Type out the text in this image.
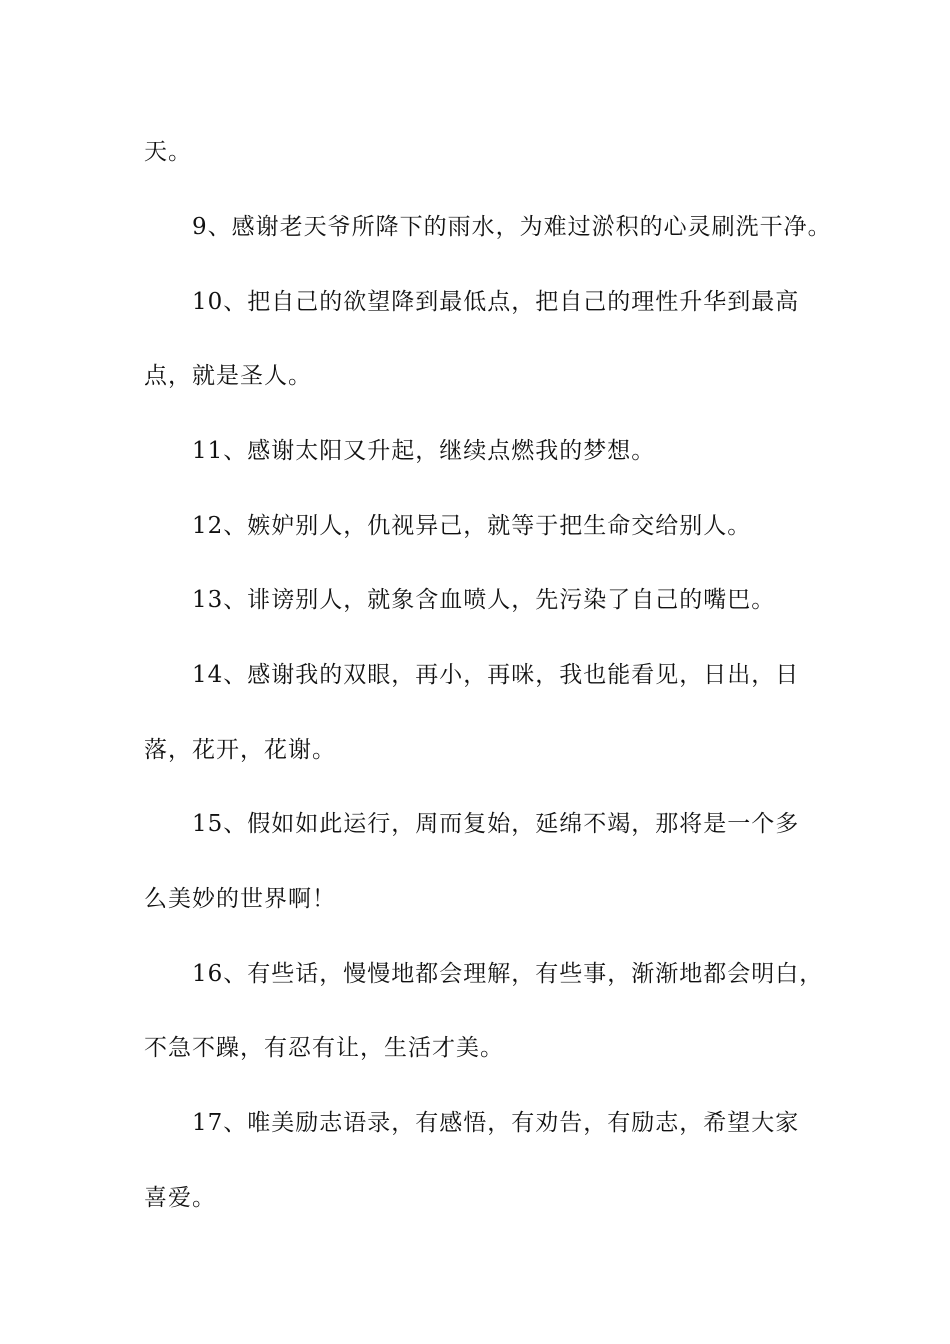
天。
9、感谢老天爷所降下的雨水，为难过淤积的心灵刷洗干净。
10、把自己的欲望降到最低点，把自己的理性升华到最高
点，就是圣人。
11、感谢太阳又升起，继续点燃我的梦想。
12、嫉妒别人，仇视异己，就等于把生命交给别人。
13、诽谤别人，就象含血喷人，先污染了自己的嘴巴。
14、感谢我的双眼，再小，再咪，我也能看见，日出，日
落，花开，花谢。
15、假如如此运行，周而复始，延绵不竭，那将是一个多
么美妙的世界啊！
16、有些话，慢慢地都会理解，有些事，渐渐地都会明白，
不急不躁，有忍有让，生活才美。
17、唯美励志语录，有感悟，有劝告，有励志，希望大家
喜爱。
